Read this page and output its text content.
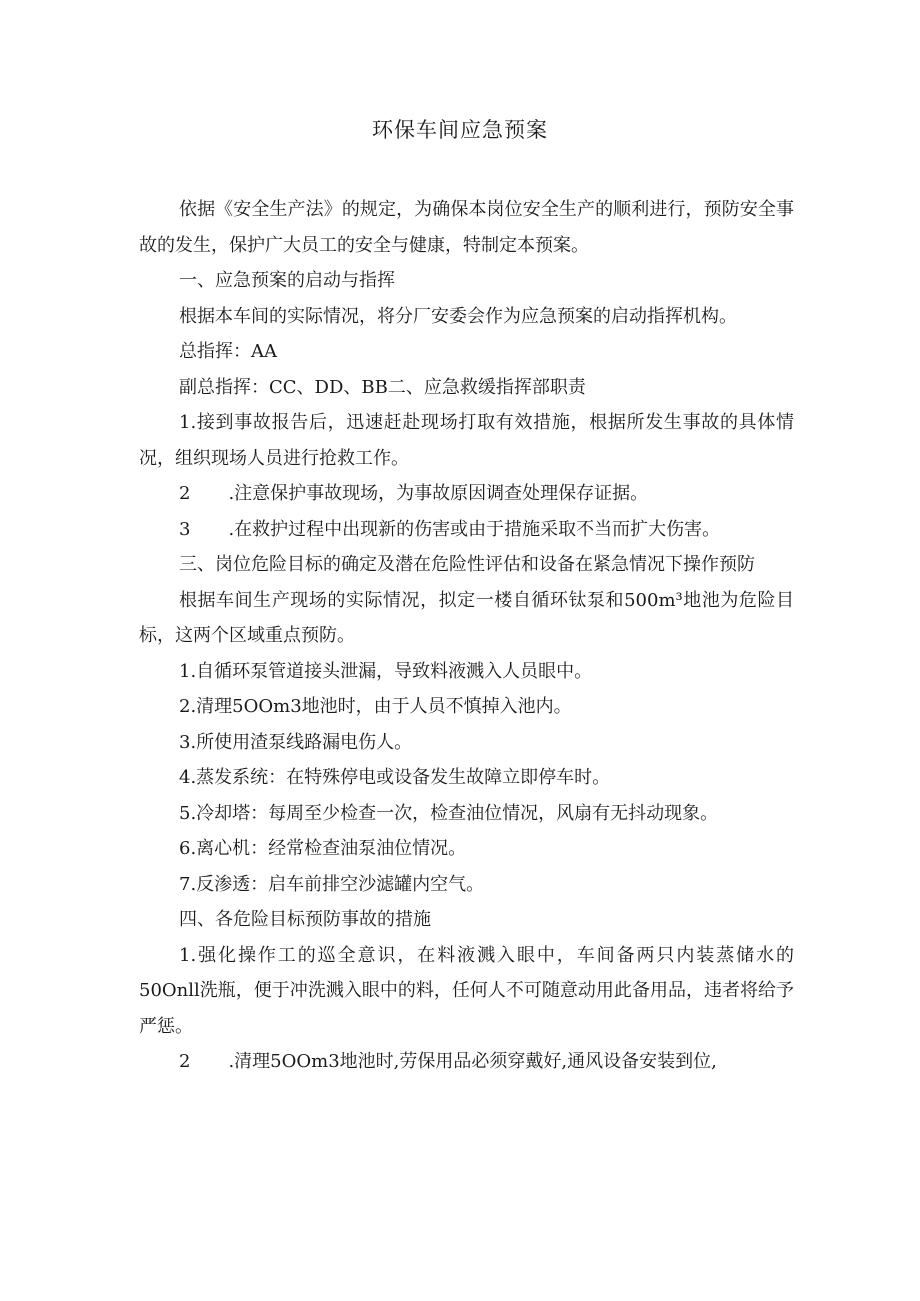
环保车间应急预案

依据《安全生产法》的规定，为确保本岗位安全生产的顺利进行，预防安全事故的发生，保护广大员工的安全与健康，特制定本预案。

一、应急预案的启动与指挥

根据本车间的实际情况，将分厂安委会作为应急预案的启动指挥机构。

总指挥：AA

副总指挥：CC、DD、BB二、应急救缓指挥部职责

1.接到事故报告后，迅速赶赴现场打取有效措施，根据所发生事故的具体情况，组织现场人员进行抢救工作。

2 .注意保护事故现场，为事故原因调查处理保存证据。

3 .在救护过程中出现新的伤害或由于措施采取不当而扩大伤害。

三、岗位危险目标的确定及潜在危险性评估和设备在紧急情况下操作预防

根据车间生产现场的实际情况，拟定一楼自循环钛泵和500m³地池为危险目标，这两个区域重点预防。

1.自循环泵管道接头泄漏，导致料液溅入人员眼中。

2.清理5OOm3地池时，由于人员不慎掉入池内。

3.所使用渣泵线路漏电伤人。

4.蒸发系统：在特殊停电或设备发生故障立即停车时。

5.冷却塔：每周至少检查一次，检查油位情况，风扇有无抖动现象。

6.离心机：经常检查油泵油位情况。

7.反渗透：启车前排空沙滤罐内空气。

四、各危险目标预防事故的措施

1.强化操作工的巡全意识，在料液溅入眼中，车间备两只内装蒸储水的50Onll洗瓶，便于冲洗溅入眼中的料，任何人不可随意动用此备用品，违者将给予严惩。

2 .清理5OOm3地池时,劳保用品必须穿戴好,通风设备安装到位,
